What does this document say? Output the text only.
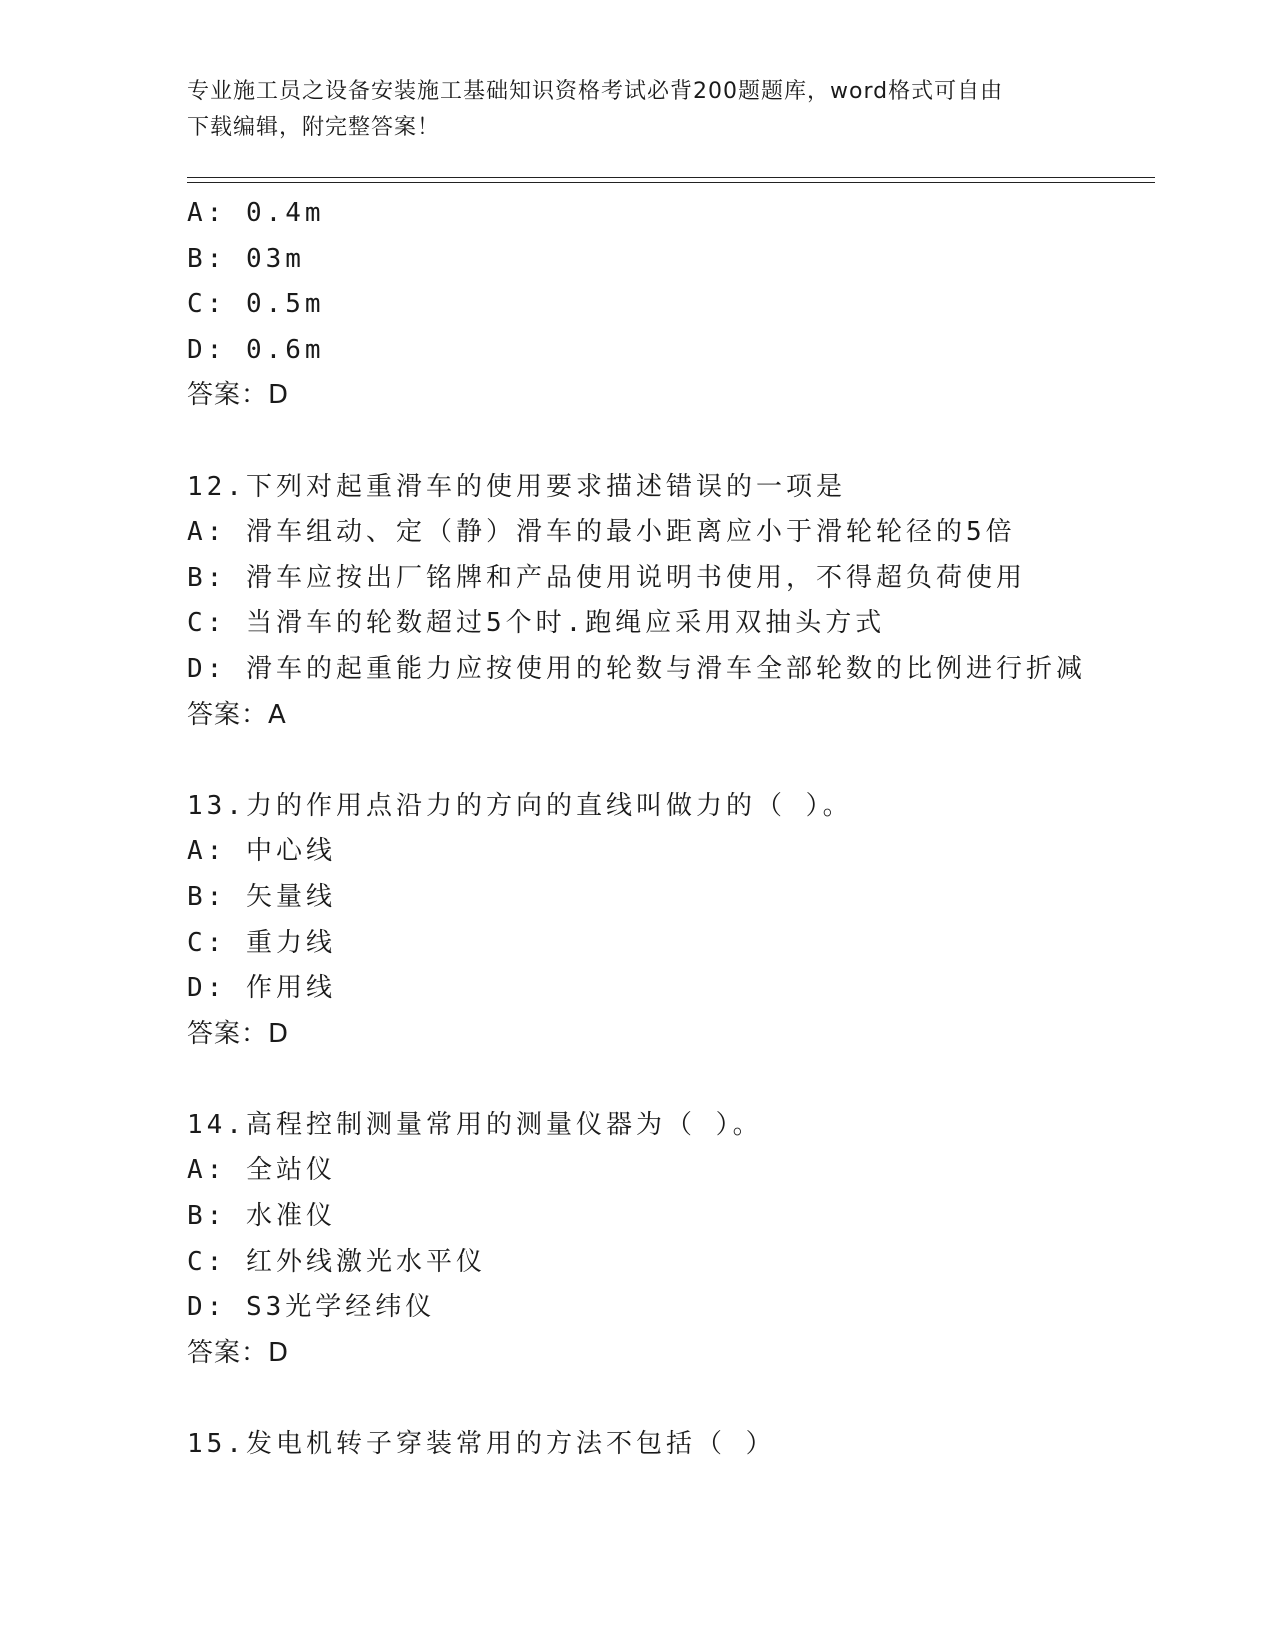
专业施工员之设备安装施工基础知识资格考试必背200题题库，word格式可自由
下载编辑，附完整答案！
A: 0.4m
B: 03m
C: 0.5m
D: 0.6m
答案：D
12.下列对起重滑车的使用要求描述错误的一项是
A: 滑车组动、定（静）滑车的最小距离应小于滑轮轮径的5倍
B: 滑车应按出厂铭牌和产品使用说明书使用，不得超负荷使用
C: 当滑车的轮数超过5个时.跑绳应采用双抽头方式
D: 滑车的起重能力应按使用的轮数与滑车全部轮数的比例进行折减
答案：A
13.力的作用点沿力的方向的直线叫做力的（ ）。
A: 中心线
B: 矢量线
C: 重力线
D: 作用线
答案：D
14.高程控制测量常用的测量仪器为（ ）。
A: 全站仪
B: 水准仪
C: 红外线激光水平仪
D: S3光学经纬仪
答案：D
15.发电机转子穿装常用的方法不包括（ ）
